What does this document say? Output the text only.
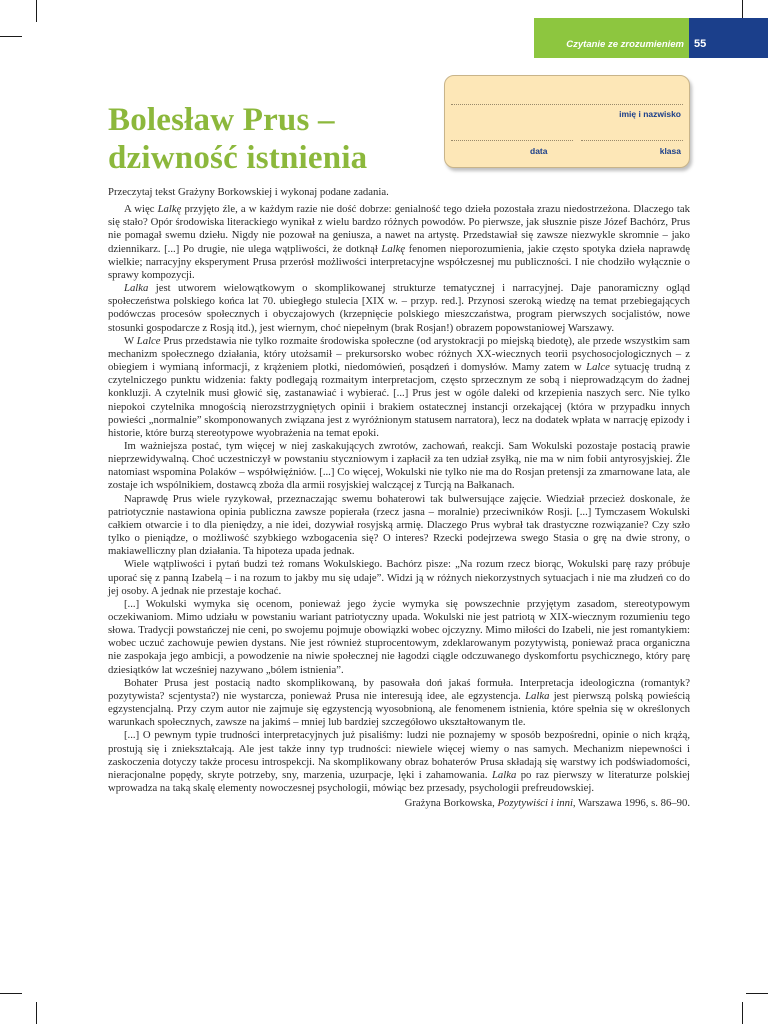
Czytanie ze zrozumieniem 55
imię i nazwisko
data	klasa
Bolesław Prus –
dziwność istnienia

Przeczytaj tekst Grażyny Borkowskiej i wykonaj podane zadania.

A więc Lalkę przyjęto źle, a w każdym razie nie dość dobrze: genialność tego dzieła pozostała zrazu niedostrzeżona. Dlaczego tak się stało? Opór środowiska literackiego wynikał z wielu bardzo różnych powodów. Po pierwsze, jak słusznie pisze Józef Bachórz, Prus nie pomagał swemu dziełu. Nigdy nie pozował na geniusza, a nawet na artystę. Przedstawiał się zawsze niezwykle skromnie – jako dziennikarz. [...] Po drugie, nie ulega wątpliwości, że dotknął Lalkę fenomen nieporozumienia, jakie często spotyka dzieła naprawdę wielkie; narracyjny eksperyment Prusa przerósł możliwości interpretacyjne współczesnej mu publiczności. I nie chodziło wyłącznie o sprawy kompozycji.

Lalka jest utworem wielowątkowym o skomplikowanej strukturze tematycznej i narracyjnej. Daje panoramiczny ogląd społeczeństwa polskiego końca lat 70. ubiegłego stulecia [XIX w. – przyp. red.]. Przynosi szeroką wiedzę na temat przebiegających podówczas procesów społecznych i obyczajowych (krzepnięcie polskiego mieszczaństwa, program pierwszych socjalistów, nowe stosunki gospodarcze z Rosją itd.), jest wiernym, choć niepełnym (brak Rosjan!) obrazem popowstaniowej Warszawy.

W Lalce Prus przedstawia nie tylko rozmaite środowiska społeczne (od arystokracji po miejską biedotę), ale przede wszystkim sam mechanizm społecznego działania, który utożsamił – prekursorsko wobec różnych XX-wiecznych teorii psychosocjologicznych – z obiegiem i wymianą informacji, z krążeniem plotki, niedomówień, posądzeń i domysłów. Mamy zatem w Lalce sytuację trudną z czytelniczego punktu widzenia: fakty podlegają rozmaitym interpretacjom, często sprzecznym ze sobą i nieprowadzącym do żadnej konkluzji. A czytelnik musi głowić się, zastanawiać i wybierać. [...] Prus jest w ogóle daleki od krzepienia naszych serc. Nie tylko niepokoi czytelnika mnogością nierozstrzygniętych opinii i brakiem ostatecznej instancji orzekającej (która w przypadku innych powieści „normalnie” skomponowanych związana jest z wyróżnionym statusem narratora), lecz na dodatek wpłata w narrację epizody i historie, które burzą stereotypowe wyobrażenia na temat epoki.

Im ważniejsza postać, tym więcej w niej zaskakujących zwrotów, zachowań, reakcji. Sam Wokulski pozostaje postacią prawie nieprzewidywalną. Choć uczestniczył w powstaniu styczniowym i zapłacił za ten udział zsyłką, nie ma w nim fobii antyrosyjskiej. Źle natomiast wspomina Polaków – współwięźniów. [...] Co więcej, Wokulski nie tylko nie ma do Rosjan pretensji za zmarnowane lata, ale zostaje ich wspólnikiem, dostawcą zboża dla armii rosyjskiej walczącej z Turcją na Bałkanach.

Naprawdę Prus wiele ryzykował, przeznaczając swemu bohaterowi tak bulwersujące zajęcie. Wiedział przecież doskonale, że patriotycznie nastawiona opinia publiczna zawsze popierała (rzecz jasna – moralnie) przeciwników Rosji. [...] Tymczasem Wokulski całkiem otwarcie i to dla pieniędzy, a nie idei, dozywiał rosyjską armię. Dlaczego Prus wybrał tak drastyczne rozwiązanie? Czy szło tylko o pieniądze, o możliwość szybkiego wzbogacenia się? O interes? Rzecki podejrzewa swego Stasia o grę na dwie strony, o makiawelliczny plan działania. Ta hipoteza upada jednak.

Wiele wątpliwości i pytań budzi też romans Wokulskiego. Bachórz pisze: „Na rozum rzecz biorąc, Wokulski parę razy próbuje uporać się z panną Izabelą – i na rozum to jakby mu się udaje”. Widzi ją w różnych niekorzystnych sytuacjach i nie ma złudzeń co do jej osoby. A jednak nie przestaje kochać.

[...] Wokulski wymyka się ocenom, ponieważ jego życie wymyka się powszechnie przyjętym zasadom, stereotypowym oczekiwaniom. Mimo udziału w powstaniu wariant patriotyczny upada. Wokulski nie jest patriotą w XIX-wiecznym rozumieniu tego słowa. Tradycji powstańczej nie ceni, po swojemu pojmuje obowiązki wobec ojczyzny. Mimo miłości do Izabeli, nie jest romantykiem: wobec uczuć zachowuje pewien dystans. Nie jest również stuprocentowym, zdeklarowanym pozytywistą, ponieważ praca organiczna nie zaspokaja jego ambicji, a powodzenie na niwie społecznej nie łagodzi ciągle odczuwanego dyskomfortu psychicznego, który parę dziesiątków lat wcześniej nazywano „bólem istnienia”.

Bohater Prusa jest postacią nadto skomplikowaną, by pasowała doń jakaś formuła. Interpretacja ideologiczna (romantyk? pozytywista? scjentysta?) nie wystarcza, ponieważ Prusa nie interesują idee, ale egzystencja. Lalka jest pierwszą polską powieścią egzystencjalną. Przy czym autor nie zajmuje się egzystencją wyosobnioną, ale fenomenem istnienia, które spełnia się w określonych warunkach społecznych, zawsze na jakimś – mniej lub bardziej szczegółowo ukształtowanym tle.

[...] O pewnym typie trudności interpretacyjnych już pisaliśmy: ludzi nie poznajemy w sposób bezpośredni, opinie o nich krążą, prostują się i zniekształcają. Ale jest także inny typ trudności: niewiele więcej wiemy o nas samych. Mechanizm niepewności i zaskoczenia dotyczy także procesu introspekcji. Na skomplikowany obraz bohaterów Prusa składają się warstwy ich podświadomości, nieracjonalne popędy, skryte potrzeby, sny, marzenia, uzurpacje, lęki i zahamowania. Lalka po raz pierwszy w literaturze polskiej wprowadza na taką skalę elementy nowoczesnej psychologii, mówiąc bez przesady, psychologii prefreudowskiej.

Grażyna Borkowska, Pozytywiści i inni, Warszawa 1996, s. 86–90.
